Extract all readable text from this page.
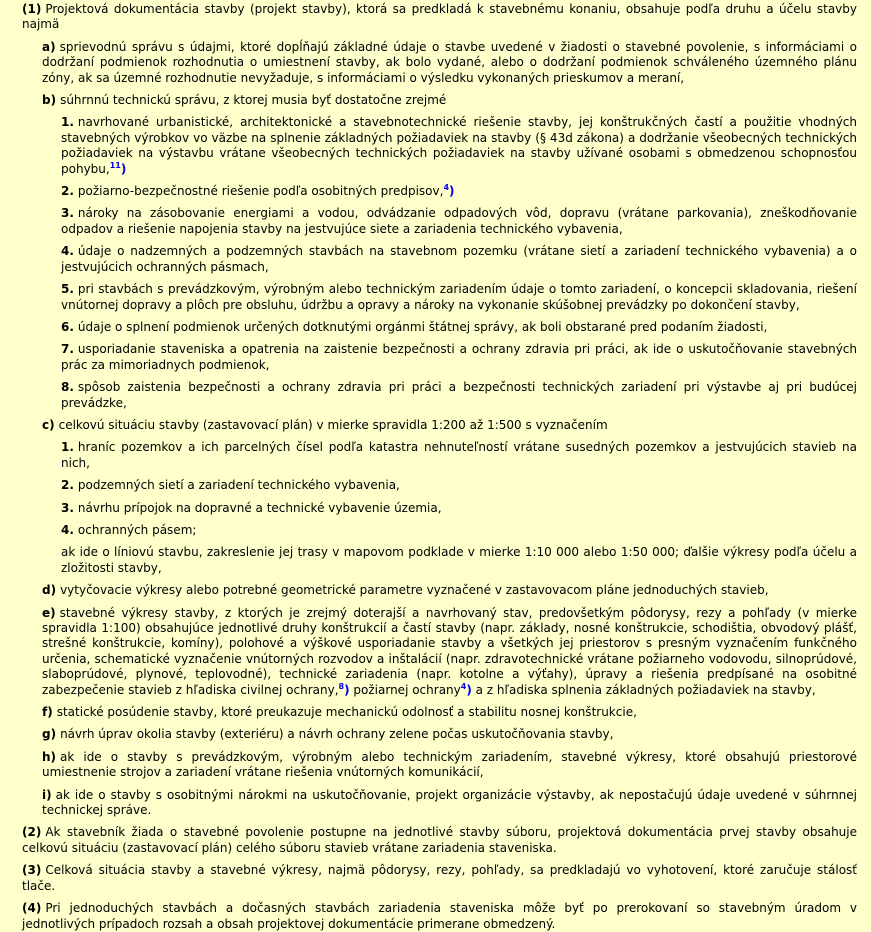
(1) Projektová dokumentácia stavby (projekt stavby), ktorá sa predkladá k stavebnému konaniu, obsahuje podľa druhu a účelu stavby najmä
a) sprievodnú správu s údajmi, ktoré dopĺňajú základné údaje o stavbe uvedené v žiadosti o stavebné povolenie, s informáciami o dodržaní podmienok rozhodnutia o umiestnení stavby, ak bolo vydané, alebo o dodržaní podmienok schváleného územného plánu zóny, ak sa územné rozhodnutie nevyžaduje, s informáciami o výsledku vykonaných prieskumov a meraní,
b) súhrnnú technickú správu, z ktorej musia byť dostatočne zrejmé
1. navrhované urbanistické, architektonické a stavebnotechnické riešenie stavby, jej konštrukčných častí a použitie vhodných stavebných výrobkov vo väzbe na splnenie základných požiadaviek na stavby (§ 43d zákona) a dodržanie všeobecných technických požiadaviek na výstavbu vrátane všeobecných technických požiadaviek na stavby užívané osobami s obmedzenou schopnosťou pohybu,$^{11}$)
2. požiarno-bezpečnostné riešenie podľa osobitných predpisov,$^4$)
3. nároky na zásobovanie energiami a vodou, odvádzanie odpadových vôd, dopravu (vrátane parkovania), zneškodňovanie odpadov a riešenie napojenia stavby na jestvujúce siete a zariadenia technického vybavenia,
4. údaje o nadzemných a podzemných stavbách na stavebnom pozemku (vrátane sietí a zariadení technického vybavenia) a o jestvujúcich ochranných pásmach,
5. pri stavbách s prevádzkovým, výrobným alebo technickým zariadením údaje o tomto zariadení, o koncepcii skladovania, riešení vnútornej dopravy a plôch pre obsluhu, údržbu a opravy a nároky na vykonanie skúšobnej prevádzky po dokončení stavby,
6. údaje o splnení podmienok určených dotknutými orgánmi štátnej správy, ak boli obstarané pred podaním žiadosti,
7. usporiadanie staveniska a opatrenia na zaistenie bezpečnosti a ochrany zdravia pri práci, ak ide o uskutočňovanie stavebných prác za mimoriadnych podmienok,
8. spôsob zaistenia bezpečnosti a ochrany zdravia pri práci a bezpečnosti technických zariadení pri výstavbe aj pri budúcej prevádzke,
c) celkovú situáciu stavby (zastavovací plán) v mierke spravidla 1:200 až 1:500 s vyznačením
1. hraníc pozemkov a ich parcelných čísel podľa katastra nehnuteľností vrátane susedných pozemkov a jestvujúcich stavieb na nich,
2. podzemných sietí a zariadení technického vybavenia,
3. návrhu prípojok na dopravné a technické vybavenie územia,
4. ochranných pásem;
ak ide o líniovú stavbu, zakreslenie jej trasy v mapovom podklade v mierke 1:10 000 alebo 1:50 000; ďalšie výkresy podľa účelu a zložitosti stavby,
d) vytyčovacie výkresy alebo potrebné geometrické parametre vyznačené v zastavovacom pláne jednoduchých stavieb,
e) stavebné výkresy stavby, z ktorých je zrejmý doterajší a navrhovaný stav, predovšetkým pôdorysy, rezy a pohľady (v mierke spravidla 1:100) obsahujúce jednotlivé druhy konštrukcií a častí stavby (napr. základy, nosné konštrukcie, schodištia, obvodový plášť, strešné konštrukcie, komíny), polohové a výškové usporiadanie stavby a všetkých jej priestorov s presným vyznačením funkčného určenia, schematické vyznačenie vnútorných rozvodov a inštalácií (napr. zdravotechnické vrátane požiarneho vodovodu, silnoprúdové, slaboprúdové, plynové, teplovodné), technické zariadenia (napr. kotolne a výťahy), úpravy a riešenia predpísané na osobitné zabezpečenie stavieb z hľadiska civilnej ochrany,$^8$) požiarnej ochrany$^4$) a z hľadiska splnenia základných požiadaviek na stavby,
f) statické posúdenie stavby, ktoré preukazuje mechanickú odolnosť a stabilitu nosnej konštrukcie,
g) návrh úprav okolia stavby (exteriéru) a návrh ochrany zelene počas uskutočňovania stavby,
h) ak ide o stavby s prevádzkovým, výrobným alebo technickým zariadením, stavebné výkresy, ktoré obsahujú priestorové umiestnenie strojov a zariadení vrátane riešenia vnútorných komunikácií,
i) ak ide o stavby s osobitnými nárokmi na uskutočňovanie, projekt organizácie výstavby, ak nepostačujú údaje uvedené v súhrnnej technickej správe.
(2) Ak stavebník žiada o stavebné povolenie postupne na jednotlivé stavby súboru, projektová dokumentácia prvej stavby obsahuje celkovú situáciu (zastavovací plán) celého súboru stavieb vrátane zariadenia staveniska.
(3) Celková situácia stavby a stavebné výkresy, najmä pôdorysy, rezy, pohľady, sa predkladajú vo vyhotovení, ktoré zaručuje stálosť tlače.
(4) Pri jednoduchých stavbách a dočasných stavbách zariadenia staveniska môže byť po prerokovaní so stavebným úradom v jednotlivých prípadoch rozsah a obsah projektovej dokumentácie primerane obmedzený.
